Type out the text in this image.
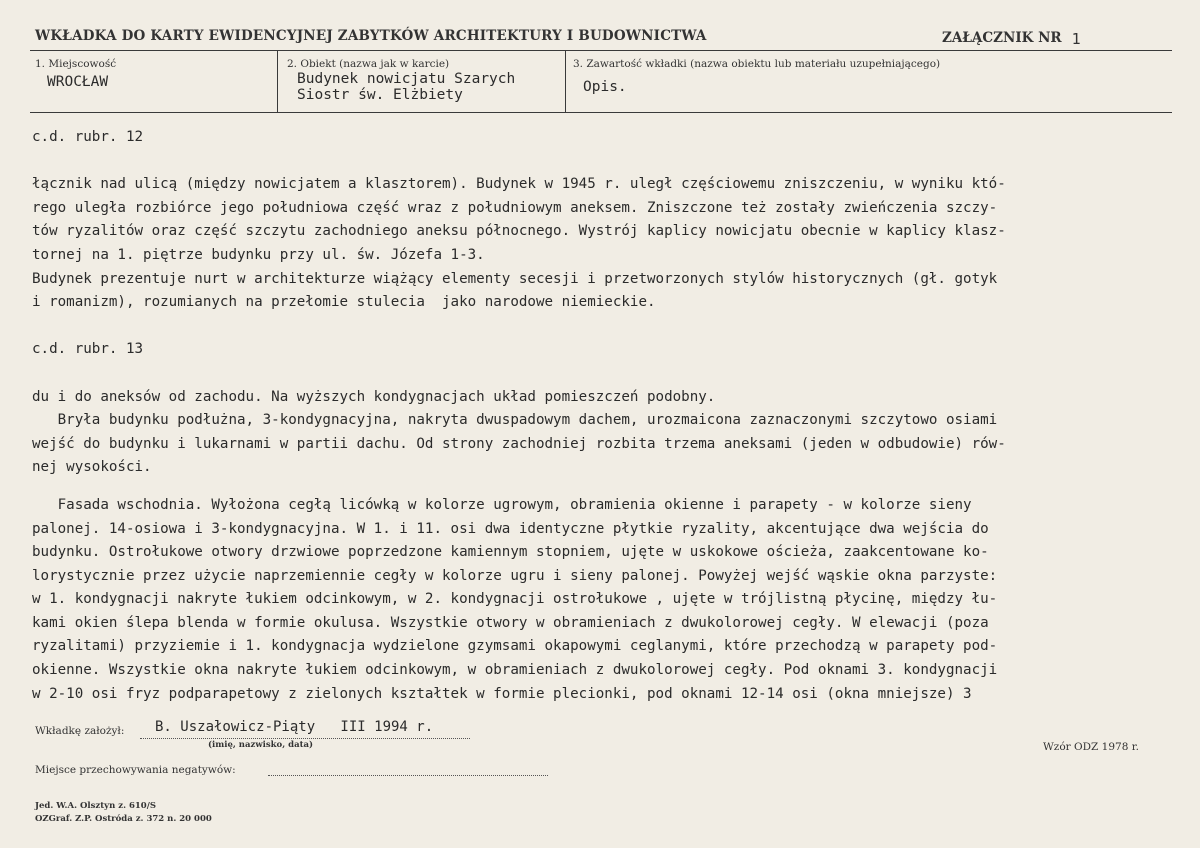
WKŁADKA DO KARTY EWIDENCYJNEJ ZABYTKÓW ARCHITEKTURY I BUDOWNICTWA	ZAŁĄCZNIK NR 1
1. Miejscowość
WROCŁAW
2. Obiekt (nazwa jak w karcie)
Budynek nowicjatu Szarych
Siostr św. Elżbiety
3. Zawartość wkładki (nazwa obiektu lub materiału uzupełniającego)
Opis.
c.d. rubr. 12
łącznik nad ulicą (między nowicjatem a klasztorem). Budynek w 1945 r. uległ częściowemu zniszczeniu, w wyniku któ-
rego uległa rozbiórce jego południowa część wraz z południowym aneksem. Zniszczone też zostały zwieńczenia szczy-
tów ryzalitów oraz część szczytu zachodniego aneksu północnego. Wystrój kaplicy nowicjatu obecnie w kaplicy klasz-
tornej na 1. piętrze budynku przy ul. św. Józefa 1-3.
Budynek prezentuje nurt w architekturze wiążący elementy secesji i przetworzonych stylów historycznych (gł. gotyk
i romanizm), rozumianych na przełomie stulecia  jako narodowe niemieckie.
c.d. rubr. 13
du i do aneksów od zachodu. Na wyższych kondygnacjach układ pomieszczeń podobny.
Bryła budynku podłużna, 3-kondygnacyjna, nakryta dwuspadowym dachem, urozmaicona zaznaczonymi szczytowo osiami
wejść do budynku i lukarnami w partii dachu. Od strony zachodniej rozbita trzema aneksami (jeden w odbudowie) rów-
nej wysokości.
Fasada wschodnia. Wyłożona cegłą licówką w kolorze ugrowym, obramienia okienne i parapety - w kolorze sieny
palonej. 14-osiowa i 3-kondygnacyjna. W 1. i 11. osi dwa identyczne płytkie ryzality, akcentujące dwa wejścia do
budynku. Ostrołukowe otwory drzwiowe poprzedzone kamiennym stopniem, ujęte w uskokowe ościeża, zaakcentowane ko-
lorystycznie przez użycie naprzemiennie cegły w kolorze ugru i sieny palonej. Powyżej wejść wąskie okna parzyste:
w 1. kondygnacji nakryte łukiem odcinkowym, w 2. kondygnacji ostrołukowe , ujęte w trójlistną płycinę, między łu-
kami okien ślepa blenda w formie okulusa. Wszystkie otwory w obramieniach z dwukolorowej cegły. W elewacji (poza
ryzalitami) przyziemie i 1. kondygnacja wydzielone gzymsami okapowymi ceglanymi, które przechodzą w parapety pod-
okienne. Wszystkie okna nakryte łukiem odcinkowym, w obramieniach z dwukolorowej cegły. Pod oknami 3. kondygnacji
w 2-10 osi fryz podparapetowy z zielonych kształtek w formie plecionki, pod oknami 12-14 osi (okna mniejsze) 3
Wkładkę założył: B. Uszałowicz-Piąty   III 1994 r.
(imię, nazwisko, data)	Wzór ODZ 1978 r.
Miejsce przechowywania negatywów:
Jed. W.A. Olsztyn z. 610/S
OZGraf. Z.P. Ostróda z. 372 n. 20 000
